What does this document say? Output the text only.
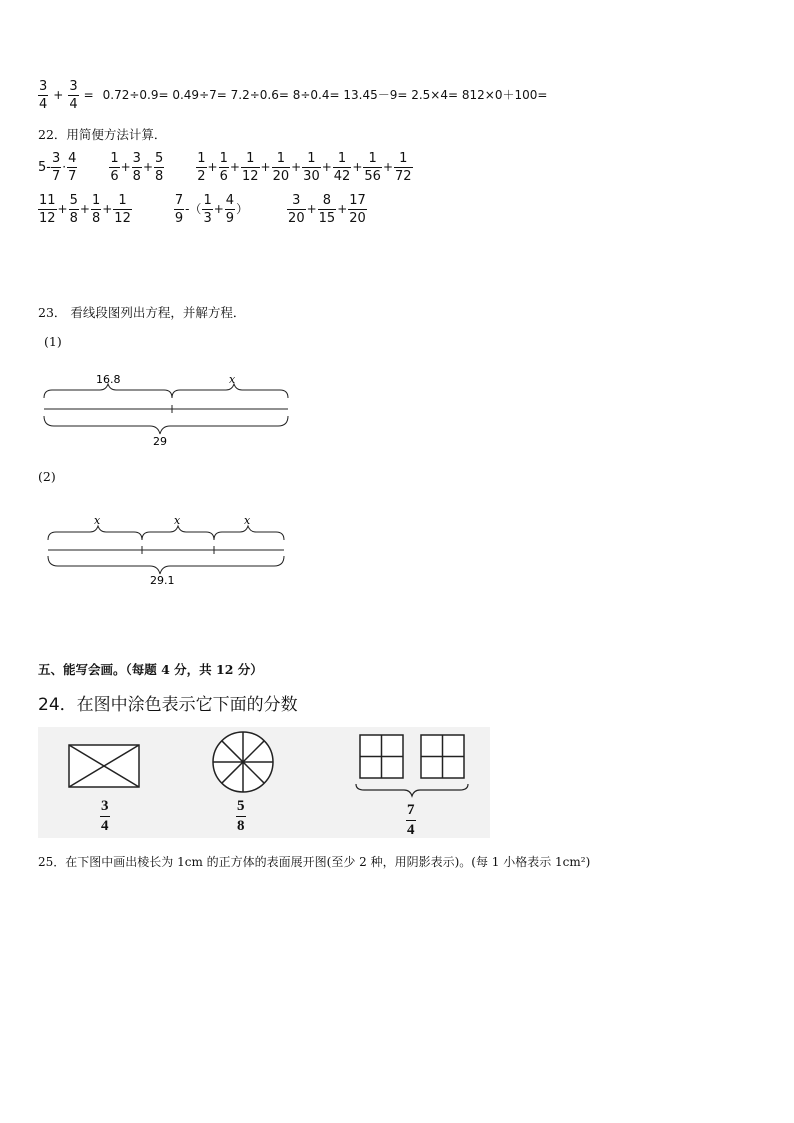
$\frac{3}{4} + \frac{3}{4} = 0.72\div 0.9= 0.49\div 7= 7.2\div 0.6= 8\div 0.4= 13.45-9= 2.5\times 4= 812\times 0+100=$
22．用简便方法计算．
$5- \frac{3}{7} \cdot \frac{4}{7}$
$\frac{1}{6} + \frac{3}{8} + \frac{5}{8}$
$\frac{1}{2} + \frac{1}{6} + \frac{1}{12} + \frac{1}{20} + \frac{1}{30} + \frac{1}{42} + \frac{1}{56} + \frac{1}{72}$
$\frac{11}{12} + \frac{5}{8} + \frac{1}{8} + \frac{1}{12}$
	$\frac{7}{9}$ -（ $\frac{1}{3} + \frac{4}{9}$ ）	$\frac{3}{20} + \frac{8}{15} + \frac{17}{20}$
23． 看线段图列出方程，并解方程．
(1)
16.8	x
29
(2)
x	x	x
29.1
五、能写会画。（每题 4 分，共 12 分）
24．在图中涂色表示它下面的分数
$\frac{3}{4}$	$\frac{5}{8}$	$\frac{7}{4}$
25．在下图中画出棱长为 1cm 的正方体的表面展开图(至少 2 种，用阴影表示)。(每 1 小格表示 1cm²)
